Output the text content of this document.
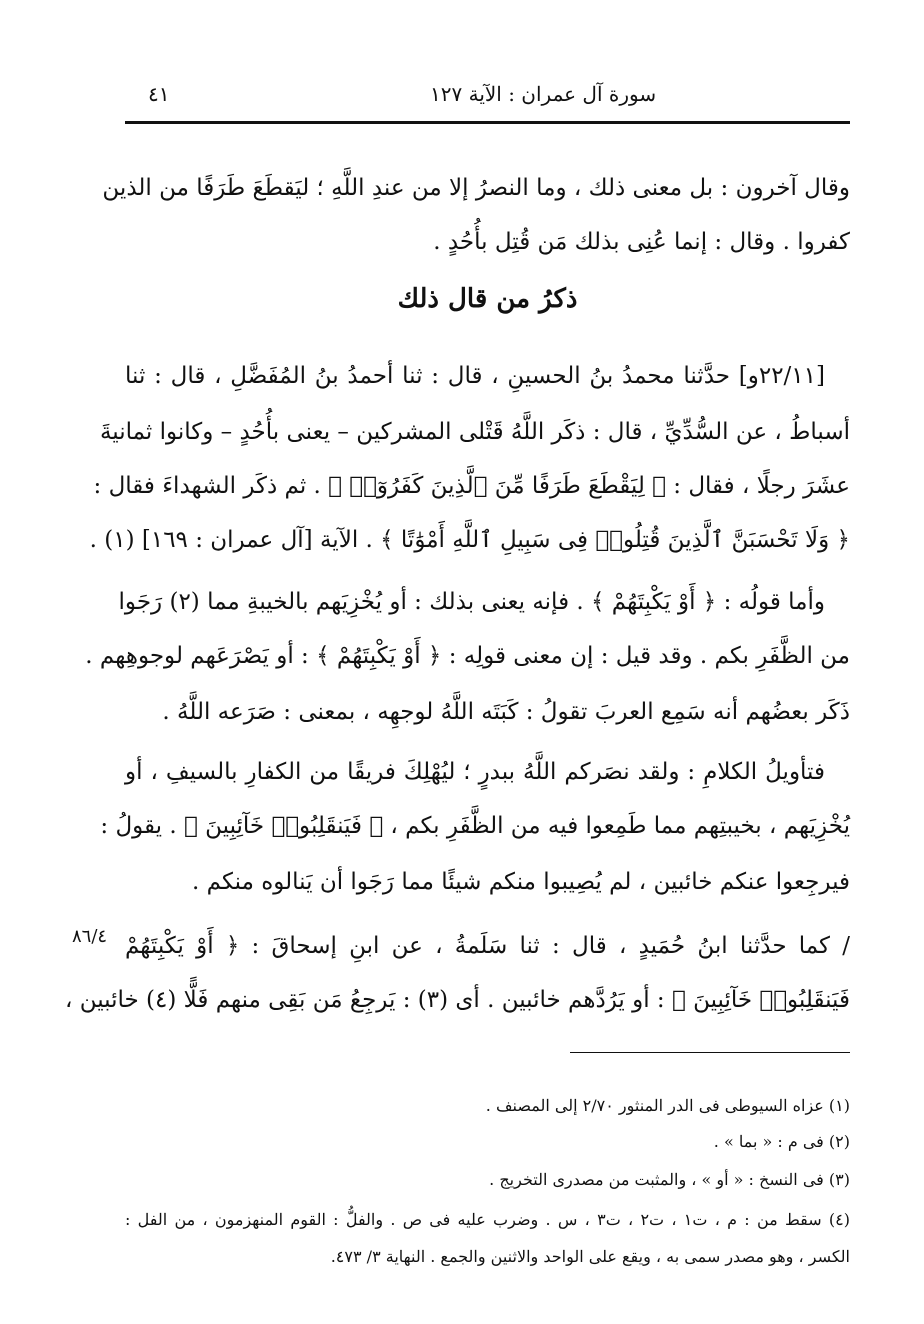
٤١	سورة آل عمران : الآية ١٢٧
وقال آخرون : بل معنى ذلك ، وما النصرُ إلا من عندِ اللَّهِ ؛ ليَقطَعَ طَرَفًا من الذين
كفروا . وقال : إنما عُنِى بذلك مَن قُتِل بأُحُدٍ .
ذكرُ من قال ذلك
[٢٢/١١و] حدَّثنا محمدُ بنُ الحسينِ ، قال : ثنا أحمدُ بنُ المُفَضَّلِ ، قال : ثنا
أسباطُ ، عن السُّدِّيِّ ، قال : ذكَر اللَّهُ قَتْلى المشركين – يعنى بأُحُدٍ – وكانوا ثمانيةَ
عشَرَ رجلًا ، فقال : ﴿ لِيَقْطَعَ طَرَفًا مِّنَ ٱلَّذِينَ كَفَرُوٓا۟ ﴾ . ثم ذكَر الشهداءَ فقال :
﴿ وَلَا تَحْسَبَنَّ ٱلَّذِينَ قُتِلُوا۟ فِى سَبِيلِ ٱللَّهِ أَمْوَٰتًا ﴾ . الآية [آل عمران : ١٦٩] (١) .
وأما قولُه : ﴿ أَوْ يَكْبِتَهُمْ ﴾ . فإنه يعنى بذلك : أو يُخْزِيَهم بالخيبةِ مما (٢) رَجَوا
من الظَّفَرِ بكم . وقد قيل : إن معنى قولِه : ﴿ أَوْ يَكْبِتَهُمْ ﴾ : أو يَصْرَعَهم لوجوهِهم .
ذَكَر بعضُهم أنه سَمِع العربَ تقولُ : كَبَتَه اللَّهُ لوجهِه ، بمعنى : صَرَعه اللَّهُ .
فتأويلُ الكلامِ : ولقد نصَركم اللَّهُ ببدرٍ ؛ ليُهْلِكَ فريقًا من الكفارِ بالسيفِ ، أو
يُخْزِيَهم ، بخيبتِهم مما طَمِعوا فيه من الظَّفَرِ بكم ، ﴿ فَيَنقَلِبُوا۟ خَآئِبِينَ ﴾ . يقولُ :
فيرجِعوا عنكم خائبين ، لم يُصِيبوا منكم شيئًا مما رَجَوا أن يَنالوه منكم .
/ كما حدَّثنا ابنُ حُمَيدٍ ، قال : ثنا سَلَمةُ ، عن ابنِ إسحاقَ : ﴿ أَوْ يَكْبِتَهُمْ
فَيَنقَلِبُوا۟ خَآئِبِينَ ﴾ : أو يَرُدَّهم خائبين . أى (٣) : يَرجِعُ مَن بَقِى منهم فَلًّا (٤) خائبين ،
٨٦/٤
(١) عزاه السيوطى فى الدر المنثور ٢/٧٠ إلى المصنف .
(٢) فى م : « بما » .
(٣) فى النسخ : « أو » ، والمثبت من مصدرى التخريج .
(٤) سقط من : م ، ت١ ، ت٢ ، ت٣ ، س . وضرب عليه فى ص . والفلُّ : القوم المنهزمون ، من الفل :
الكسر ، وهو مصدر سمى به ، ويقع على الواحد والاثنين والجمع . النهاية ٣/ ٤٧٣.
